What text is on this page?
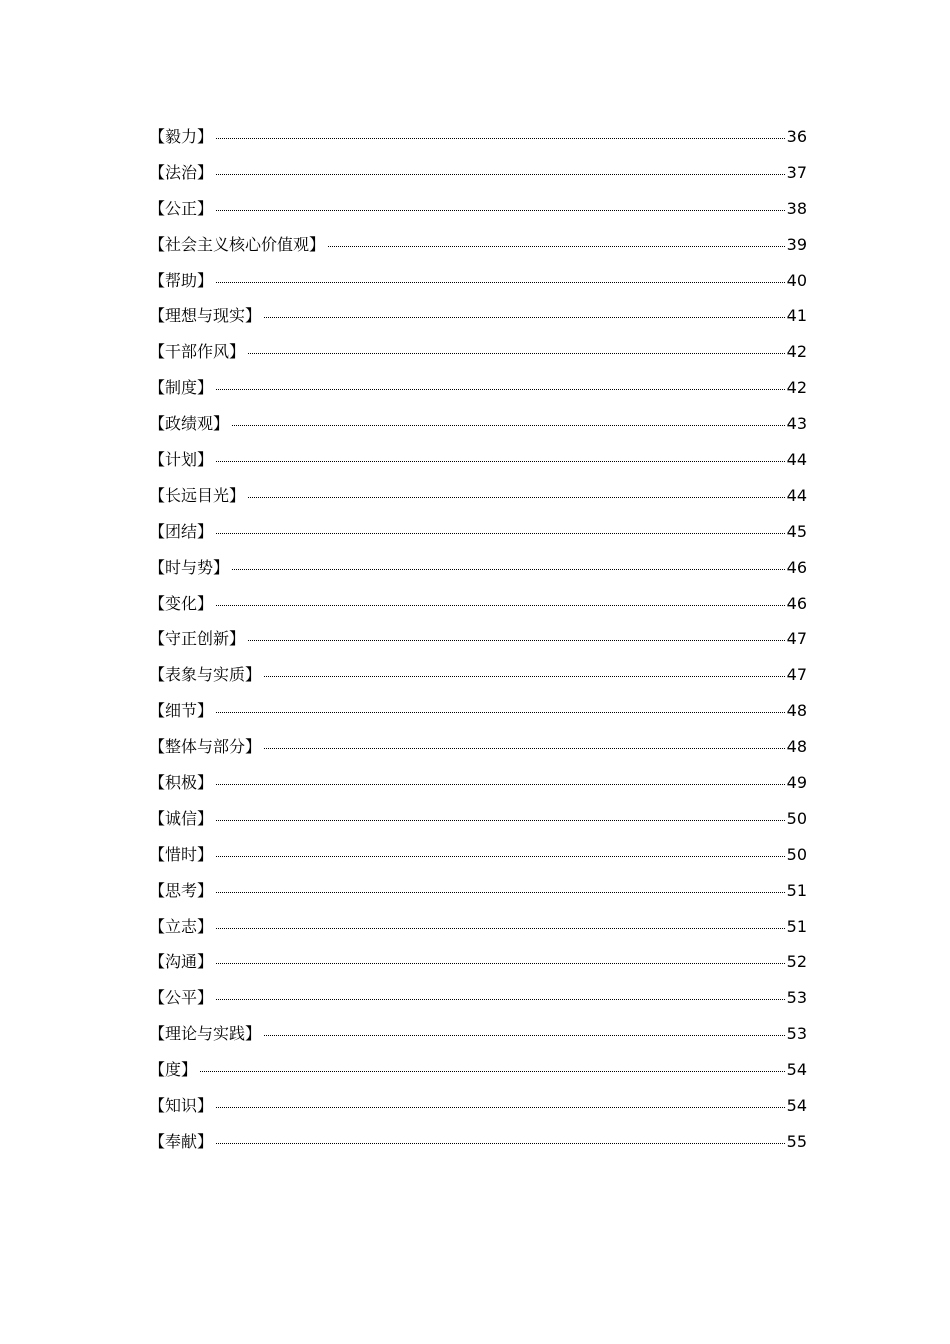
【毅力】	36
【法治】	37
【公正】	38
【社会主义核心价值观】	39
【帮助】	40
【理想与现实】	41
【干部作风】	42
【制度】	42
【政绩观】	43
【计划】	44
【长远目光】	44
【团结】	45
【时与势】	46
【变化】	46
【守正创新】	47
【表象与实质】	47
【细节】	48
【整体与部分】	48
【积极】	49
【诚信】	50
【惜时】	50
【思考】	51
【立志】	51
【沟通】	52
【公平】	53
【理论与实践】	53
【度】	54
【知识】	54
【奉献】	55
